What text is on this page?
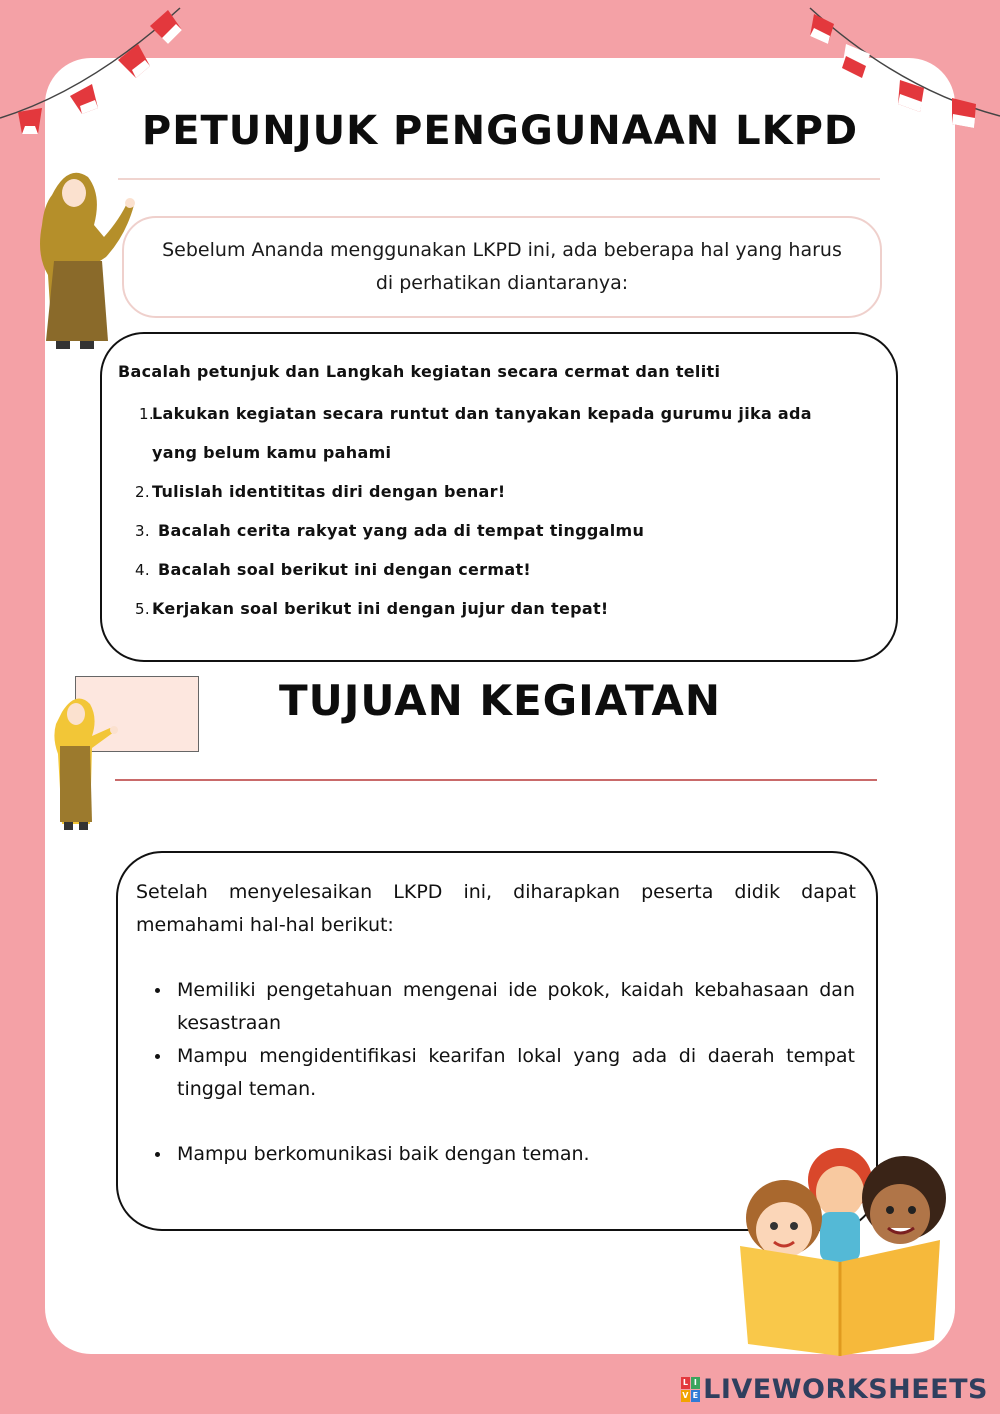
PETUNJUK PENGGUNAAN LKPD
Sebelum Ananda menggunakan LKPD ini, ada beberapa hal yang harus di perhatikan diantaranya:
Bacalah petunjuk dan Langkah kegiatan secara cermat dan teliti
1.Lakukan kegiatan secara runtut dan tanyakan kepada gurumu jika ada
yang belum kamu pahami
2. Tulislah identititas diri dengan benar!
3. Bacalah cerita rakyat yang ada di tempat tinggalmu
4. Bacalah soal berikut ini dengan cermat!
5. Kerjakan soal berikut ini dengan jujur dan tepat!
TUJUAN KEGIATAN
Setelah menyelesaikan LKPD ini, diharapkan peserta didik dapat memahami hal-hal berikut:
Memiliki pengetahuan mengenai ide pokok, kaidah kebahasaan dan kesastraan
Mampu mengidentifikasi kearifan lokal yang ada di daerah tempat tinggal teman.
Mampu berkomunikasi baik dengan teman.
L I
V E LIVEWORKSHEETS
